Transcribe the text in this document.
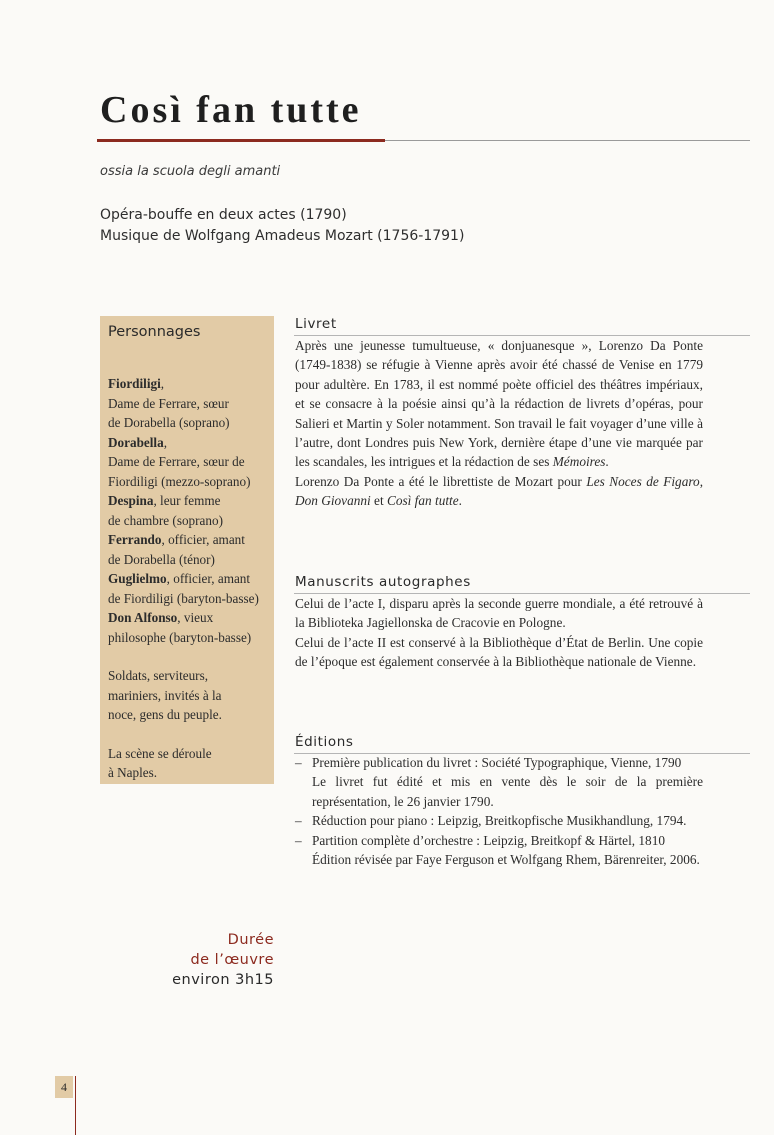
Così fan tutte
ossia la scuola degli amanti
Opéra-bouffe en deux actes (1790)
Musique de Wolfgang Amadeus Mozart (1756-1791)
Personnages

Fiordiligi,
Dame de Ferrare, sœur
de Dorabella (soprano)

Dorabella,
Dame de Ferrare, sœur de
Fiordiligi (mezzo-soprano)

Despina, leur femme
de chambre (soprano)

Ferrando, officier, amant
de Dorabella (ténor)

Guglielmo, officier, amant
de Fiordiligi (baryton-basse)

Don Alfonso, vieux
philosophe (baryton-basse)

Soldats, serviteurs,
mariniers, invités à la
noce, gens du peuple.

La scène se déroule
à Naples.

Livret

Après une jeunesse tumultueuse, « donjuanesque », Lorenzo Da Ponte (1749-1838) se réfugie à Vienne après avoir été chassé de Venise en 1779 pour adultère. En 1783, il est nommé poète officiel des théâtres impériaux, et se consacre à la poésie ainsi qu’à la rédaction de livrets d’opéras, pour Salieri et Martin y Soler notamment. Son travail le fait voyager d’une ville à l’autre, dont Londres puis New York, dernière étape d’une vie marquée par les scandales, les intrigues et la rédaction de ses Mémoires.

Lorenzo Da Ponte a été le librettiste de Mozart pour Les Noces de Figaro, Don Giovanni et Così fan tutte.

Manuscrits autographes

Celui de l’acte I, disparu après la seconde guerre mondiale, a été retrouvé à la Biblioteka Jagiellonska de Cracovie en Pologne.

Celui de l’acte II est conservé à la Bibliothèque d’État de Berlin. Une copie de l’époque est également conservée à la Bibliothèque nationale de Vienne.

Éditions
– Première publication du livret : Société Typographique, Vienne, 1790
Le livret fut édité et mis en vente dès le soir de la première représentation, le 26 janvier 1790.
– Réduction pour piano : Leipzig, Breitkopfische Musikhandlung, 1794.
– Partition complète d’orchestre : Leipzig, Breitkopf & Härtel, 1810
Édition révisée par Faye Ferguson et Wolfgang Rhem, Bärenreiter, 2006.
Durée
de l’œuvre
environ 3h15
4
